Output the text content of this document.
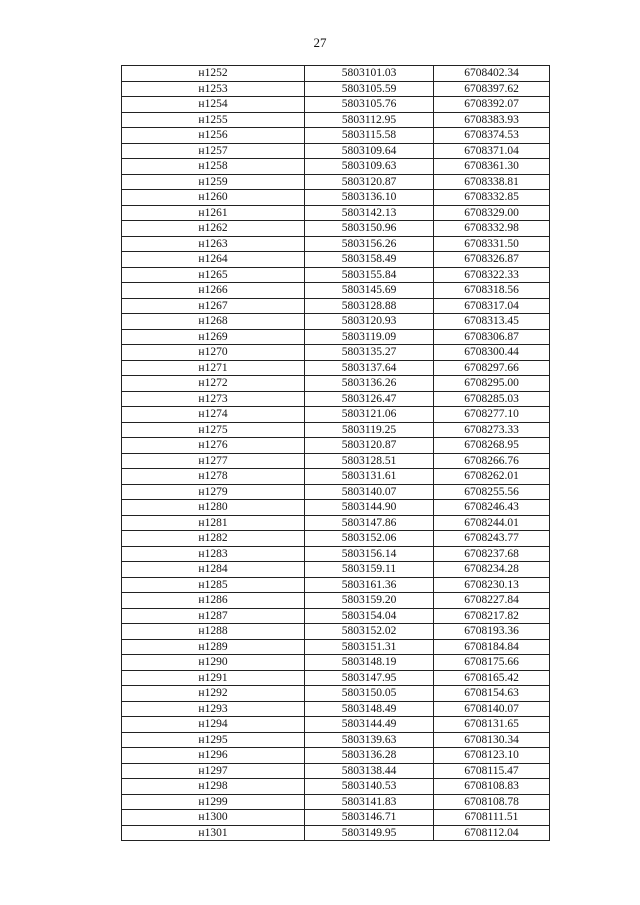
27
н1252	5803101.03	6708402.34
н1253	5803105.59	6708397.62
н1254	5803105.76	6708392.07
н1255	5803112.95	6708383.93
н1256	5803115.58	6708374.53
н1257	5803109.64	6708371.04
н1258	5803109.63	6708361.30
н1259	5803120.87	6708338.81
н1260	5803136.10	6708332.85
н1261	5803142.13	6708329.00
н1262	5803150.96	6708332.98
н1263	5803156.26	6708331.50
н1264	5803158.49	6708326.87
н1265	5803155.84	6708322.33
н1266	5803145.69	6708318.56
н1267	5803128.88	6708317.04
н1268	5803120.93	6708313.45
н1269	5803119.09	6708306.87
н1270	5803135.27	6708300.44
н1271	5803137.64	6708297.66
н1272	5803136.26	6708295.00
н1273	5803126.47	6708285.03
н1274	5803121.06	6708277.10
н1275	5803119.25	6708273.33
н1276	5803120.87	6708268.95
н1277	5803128.51	6708266.76
н1278	5803131.61	6708262.01
н1279	5803140.07	6708255.56
н1280	5803144.90	6708246.43
н1281	5803147.86	6708244.01
н1282	5803152.06	6708243.77
н1283	5803156.14	6708237.68
н1284	5803159.11	6708234.28
н1285	5803161.36	6708230.13
н1286	5803159.20	6708227.84
н1287	5803154.04	6708217.82
н1288	5803152.02	6708193.36
н1289	5803151.31	6708184.84
н1290	5803148.19	6708175.66
н1291	5803147.95	6708165.42
н1292	5803150.05	6708154.63
н1293	5803148.49	6708140.07
н1294	5803144.49	6708131.65
н1295	5803139.63	6708130.34
н1296	5803136.28	6708123.10
н1297	5803138.44	6708115.47
н1298	5803140.53	6708108.83
н1299	5803141.83	6708108.78
н1300	5803146.71	6708111.51
н1301	5803149.95	6708112.04
